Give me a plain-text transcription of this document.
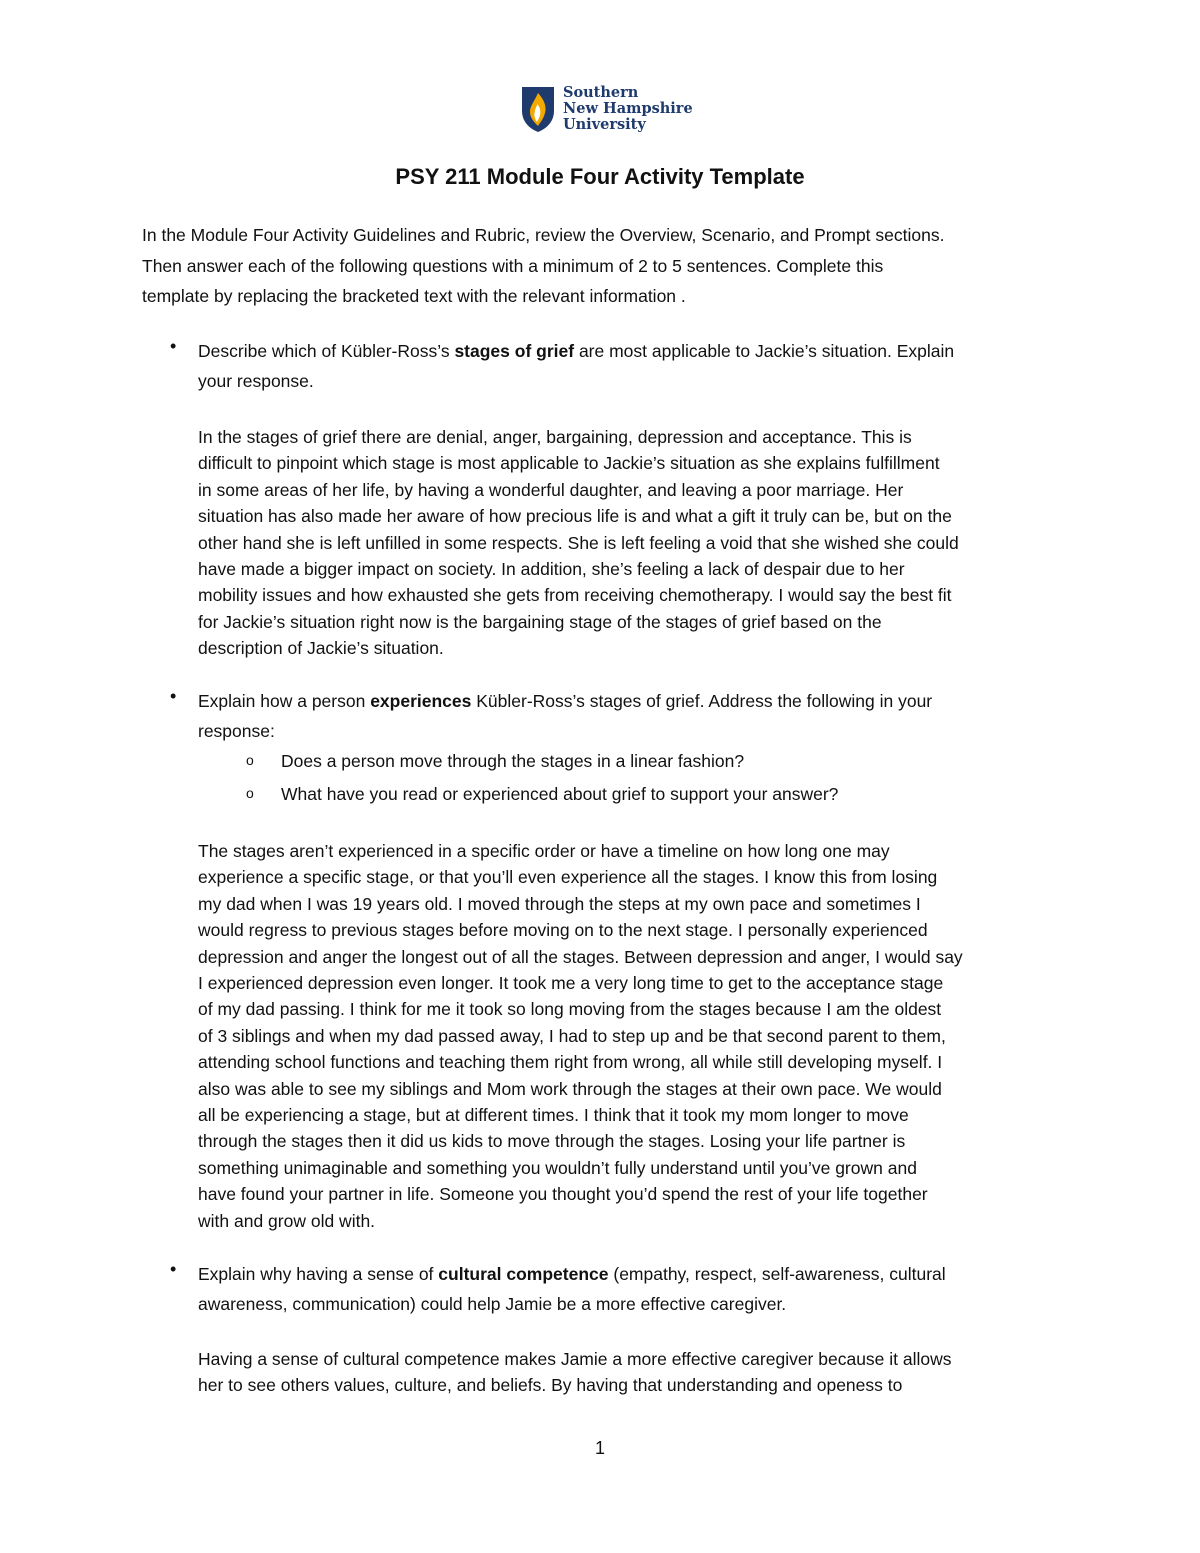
Southern
New Hampshire
University
PSY 211 Module Four Activity Template
In the Module Four Activity Guidelines and Rubric, review the Overview, Scenario, and Prompt sections.
Then answer each of the following questions with a minimum of 2 to 5 sentences. Complete this
template by replacing the bracketed text with the relevant information .
• Describe which of Kübler-Ross’s stages of grief are most applicable to Jackie’s situation. Explain
your response.
In the stages of grief there are denial, anger, bargaining, depression and acceptance. This is
difficult to pinpoint which stage is most applicable to Jackie’s situation as she explains fulfillment
in some areas of her life, by having a wonderful daughter, and leaving a poor marriage. Her
situation has also made her aware of how precious life is and what a gift it truly can be, but on the
other hand she is left unfilled in some respects. She is left feeling a void that she wished she could
have made a bigger impact on society. In addition, she’s feeling a lack of despair due to her
mobility issues and how exhausted she gets from receiving chemotherapy. I would say the best fit
for Jackie’s situation right now is the bargaining stage of the stages of grief based on the
description of Jackie’s situation.
• Explain how a person experiences Kübler-Ross’s stages of grief. Address the following in your
response:
o Does a person move through the stages in a linear fashion?
o What have you read or experienced about grief to support your answer?
The stages aren’t experienced in a specific order or have a timeline on how long one may
experience a specific stage, or that you’ll even experience all the stages. I know this from losing
my dad when I was 19 years old. I moved through the steps at my own pace and sometimes I
would regress to previous stages before moving on to the next stage. I personally experienced
depression and anger the longest out of all the stages. Between depression and anger, I would say
I experienced depression even longer. It took me a very long time to get to the acceptance stage
of my dad passing. I think for me it took so long moving from the stages because I am the oldest
of 3 siblings and when my dad passed away, I had to step up and be that second parent to them,
attending school functions and teaching them right from wrong, all while still developing myself. I
also was able to see my siblings and Mom work through the stages at their own pace. We would
all be experiencing a stage, but at different times. I think that it took my mom longer to move
through the stages then it did us kids to move through the stages. Losing your life partner is
something unimaginable and something you wouldn’t fully understand until you’ve grown and
have found your partner in life. Someone you thought you’d spend the rest of your life together
with and grow old with.
• Explain why having a sense of cultural competence (empathy, respect, self-awareness, cultural
awareness, communication) could help Jamie be a more effective caregiver.
Having a sense of cultural competence makes Jamie a more effective caregiver because it allows
her to see others values, culture, and beliefs. By having that understanding and openess to
1
